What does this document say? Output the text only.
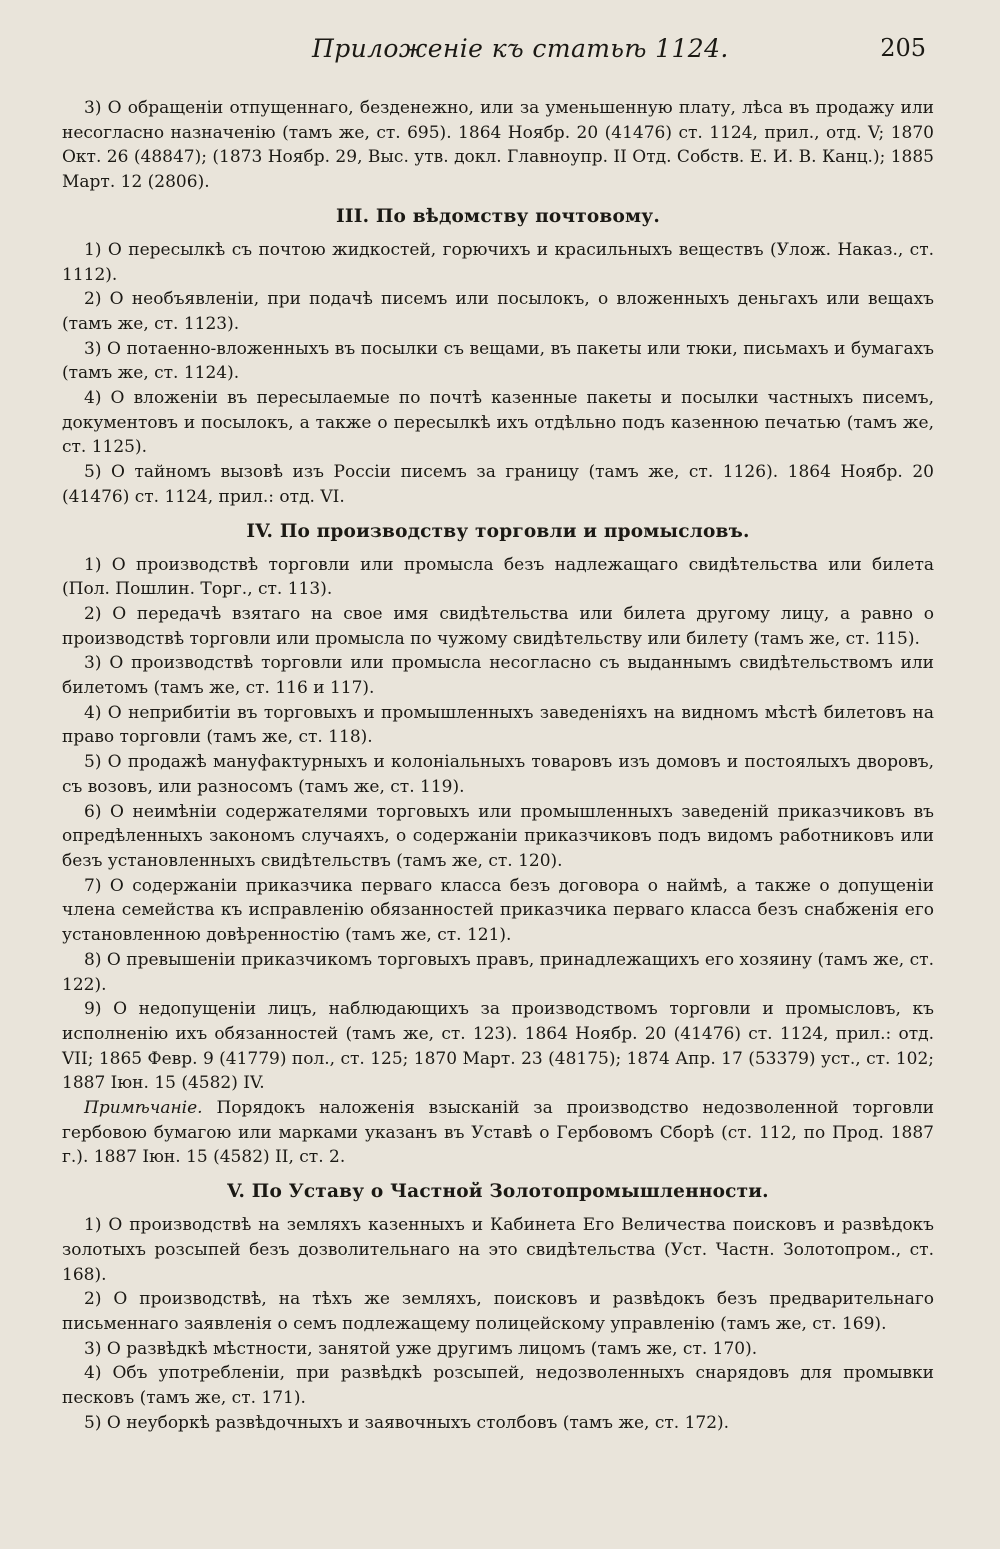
Приложенiе къ статьѣ 1124.	205

3) О обращенiи отпущеннаго, безденежно, или за уменьшенную плату, лѣса въ продажу или несогласно назначенiю (тамъ же, ст. 695). 1864 Ноябр. 20 (41476) ст. 1124, прил., отд. V; 1870 Окт. 26 (48847); (1873 Ноябр. 29, Выс. утв. докл. Главноупр. II Отд. Собств. Е. И. В. Канц.); 1885 Март. 12 (2806).

III. По вѣдомству почтовому.

1) О пересылкѣ съ почтою жидкостей, горючихъ и красильныхъ веществъ (Улож. Наказ., ст. 1112).

2) О необъявленiи, при подачѣ писемъ или посылокъ, о вложенныхъ деньгахъ или вещахъ (тамъ же, ст. 1123).

3) О потаенно-вложенныхъ въ посылки съ вещами, въ пакеты или тюки, письмахъ и бумагахъ (тамъ же, ст. 1124).

4) О вложенiи въ пересылаемые по почтѣ казенные пакеты и посылки частныхъ писемъ, документовъ и посылокъ, а также о пересылкѣ ихъ отдѣльно подъ казенною печатью (тамъ же, ст. 1125).

5) О тайномъ вызовѣ изъ Россiи писемъ за границу (тамъ же, ст. 1126). 1864 Ноябр. 20 (41476) ст. 1124, прил.: отд. VI.

IV. По производству торговли и промысловъ.

1) О производствѣ торговли или промысла безъ надлежащаго свидѣтельства или билета (Пол. Пошлин. Торг., ст. 113).

2) О передачѣ взятаго на свое имя свидѣтельства или билета другому лицу, а равно о производствѣ торговли или промысла по чужому свидѣтельству или билету (тамъ же, ст. 115).

3) О производствѣ торговли или промысла несогласно съ выданнымъ свидѣтельствомъ или билетомъ (тамъ же, ст. 116 и 117).

4) О неприбитiи въ торговыхъ и промышленныхъ заведенiяхъ на видномъ мѣстѣ билетовъ на право торговли (тамъ же, ст. 118).

5) О продажѣ мануфактурныхъ и колонiальныхъ товаровъ изъ домовъ и постоялыхъ дворовъ, съ возовъ, или разносомъ (тамъ же, ст. 119).

6) О неимѣнiи содержателями торговыхъ или промышленныхъ заведенiй приказчиковъ въ опредѣленныхъ закономъ случаяхъ, о содержанiи приказчиковъ подъ видомъ работниковъ или безъ установленныхъ свидѣтельствъ (тамъ же, ст. 120).

7) О содержанiи приказчика перваго класса безъ договора о наймѣ, а также о допущенiи члена семейства къ исправленiю обязанностей приказчика перваго класса безъ снабженiя его установленною довѣренностiю (тамъ же, ст. 121).

8) О превышенiи приказчикомъ торговыхъ правъ, принадлежащихъ его хозяину (тамъ же, ст. 122).

9) О недопущенiи лицъ, наблюдающихъ за производствомъ торговли и промысловъ, къ исполненiю ихъ обязанностей (тамъ же, ст. 123). 1864 Ноябр. 20 (41476) ст. 1124, прил.: отд. VII; 1865 Февр. 9 (41779) пол., ст. 125; 1870 Март. 23 (48175); 1874 Апр. 17 (53379) уст., ст. 102; 1887 Iюн. 15 (4582) IV.

Примѣчанiе. Порядокъ наложенiя взысканiй за производство недозволенной торговли гербовою бумагою или марками указанъ въ Уставѣ о Гербовомъ Сборѣ (ст. 112, по Прод. 1887 г.). 1887 Iюн. 15 (4582) II, ст. 2.

V. По Уставу о Частной Золотопромышленности.

1) О производствѣ на земляхъ казенныхъ и Кабинета Его Величества поисковъ и развѣдокъ золотыхъ розсыпей безъ дозволительнаго на это свидѣтельства (Уст. Частн. Золотопром., ст. 168).

2) О производствѣ, на тѣхъ же земляхъ, поисковъ и развѣдокъ безъ предварительнаго письменнаго заявленiя о семъ подлежащему полицейскому управленiю (тамъ же, ст. 169).

3) О развѣдкѣ мѣстности, занятой уже другимъ лицомъ (тамъ же, ст. 170).

4) Объ употребленiи, при развѣдкѣ розсыпей, недозволенныхъ снарядовъ для промывки песковъ (тамъ же, ст. 171).

5) О неуборкѣ развѣдочныхъ и заявочныхъ столбовъ (тамъ же, ст. 172).
